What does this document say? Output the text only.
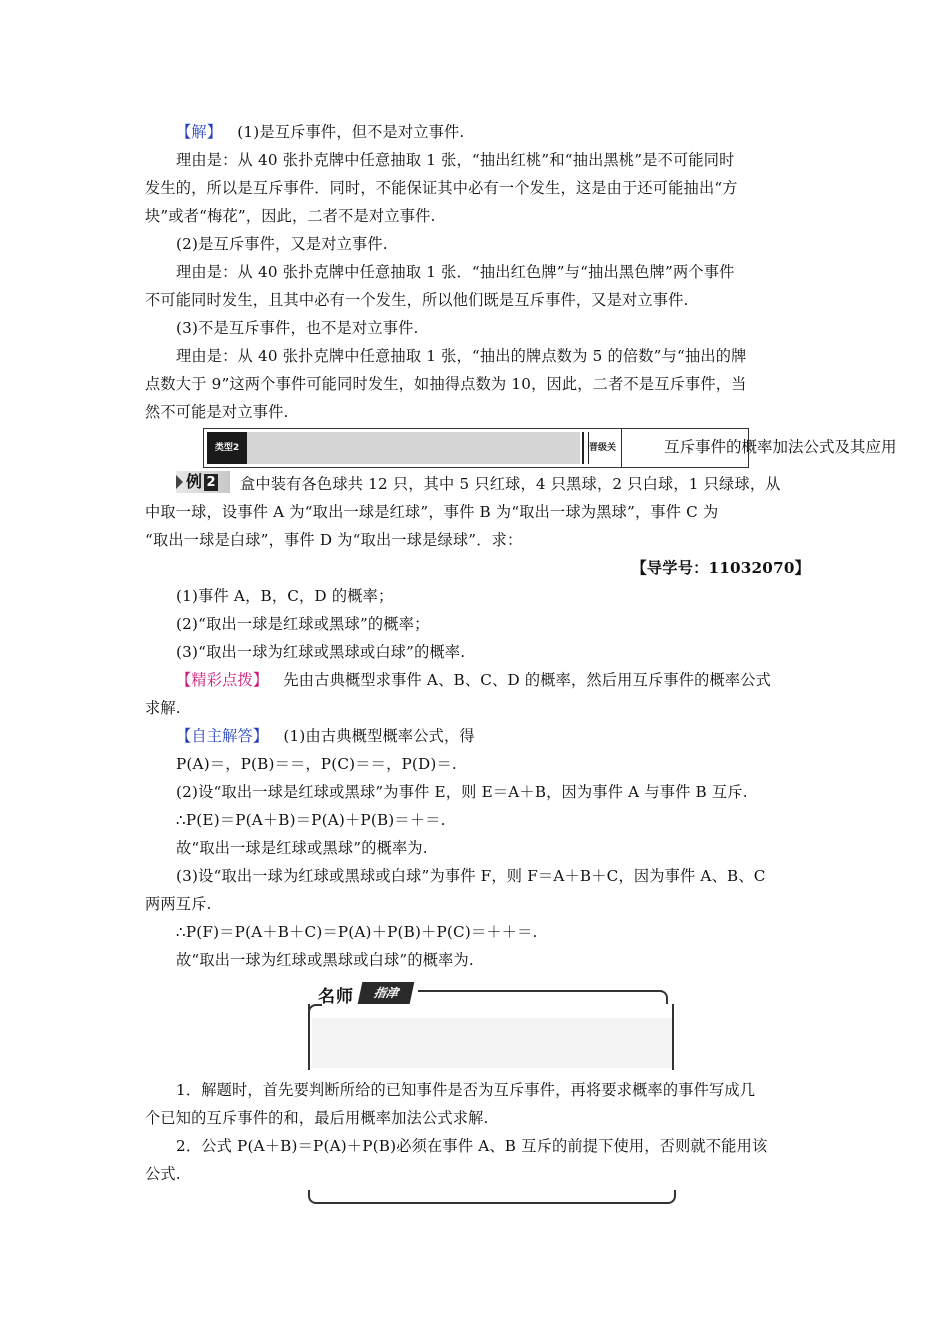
【解】 (1)是互斥事件，但不是对立事件.
理由是：从 40 张扑克牌中任意抽取 1 张，“抽出红桃”和“抽出黑桃”是不可能同时
发生的，所以是互斥事件．同时，不能保证其中必有一个发生，这是由于还可能抽出“方
块”或者“梅花”，因此，二者不是对立事件.
(2)是互斥事件，又是对立事件.
理由是：从 40 张扑克牌中任意抽取 1 张．“抽出红色牌”与“抽出黑色牌”两个事件
不可能同时发生，且其中必有一个发生，所以他们既是互斥事件，又是对立事件.
(3)不是互斥事件，也不是对立事件.
理由是：从 40 张扑克牌中任意抽取 1 张，“抽出的牌点数为 5 的倍数”与“抽出的牌
点数大于 9”这两个事件可能同时发生，如抽得点数为 10，因此，二者不是互斥事件，当
然不可能是对立事件.
类型2	晋级关	互斥事件的概率加法公式及其应用
例 2 盒中装有各色球共 12 只，其中 5 只红球，4 只黑球，2 只白球，1 只绿球，从
中取一球，设事件 A 为“取出一球是红球”，事件 B 为“取出一球为黑球”，事件 C 为
“取出一球是白球”，事件 D 为“取出一球是绿球”．求：
【导学号：11032070】
(1)事件 A，B，C，D 的概率；
(2)“取出一球是红球或黑球”的概率；
(3)“取出一球为红球或黑球或白球”的概率.
【精彩点拨】 先由古典概型求事件 A、B、C、D 的概率，然后用互斥事件的概率公式
求解.
【自主解答】 (1)由古典概型概率公式，得
P(A)＝，P(B)＝＝，P(C)＝＝，P(D)＝.
(2)设“取出一球是红球或黑球”为事件 E，则 E＝A＋B，因为事件 A 与事件 B 互斥.
∴P(E)＝P(A＋B)＝P(A)＋P(B)＝＋＝.
故“取出一球是红球或黑球”的概率为.
(3)设“取出一球为红球或黑球或白球”为事件 F，则 F＝A＋B＋C，因为事件 A、B、C
两两互斥.
∴P(F)＝P(A＋B＋C)＝P(A)＋P(B)＋P(C)＝＋＋＝.
故“取出一球为红球或黑球或白球”的概率为.
名师	指津
1．解题时，首先要判断所给的已知事件是否为互斥事件，再将要求概率的事件写成几
个已知的互斥事件的和，最后用概率加法公式求解.
2．公式 P(A＋B)＝P(A)＋P(B)必须在事件 A、B 互斥的前提下使用，否则就不能用该
公式.
